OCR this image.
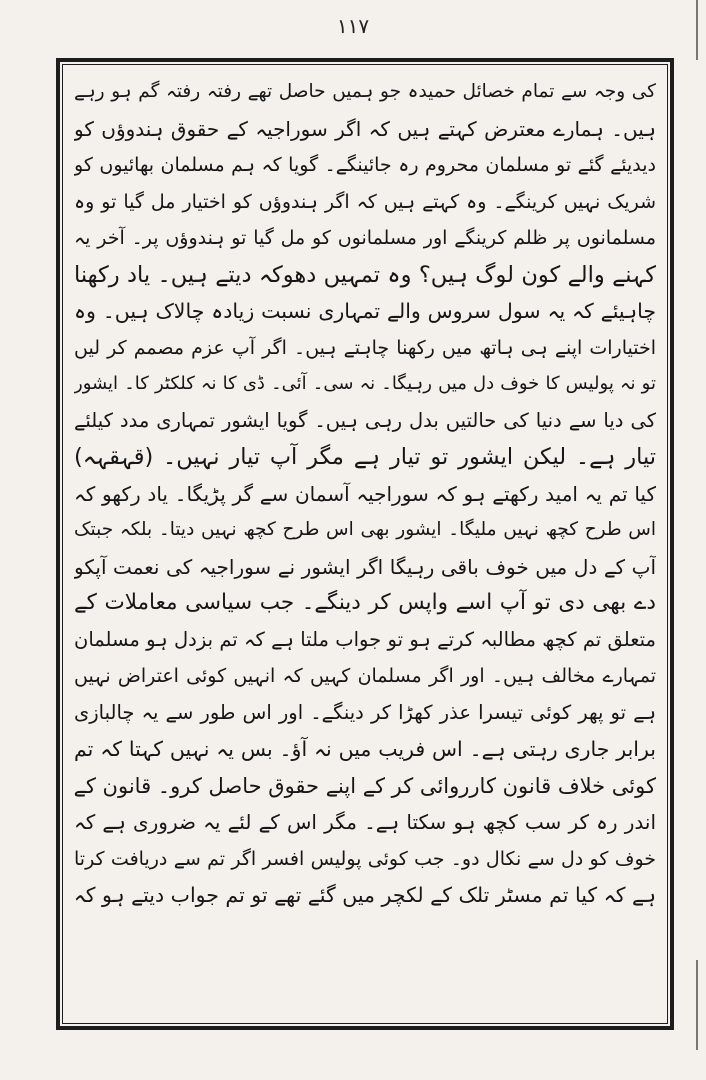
۱۱۷
کی وجہ سے تمام خصائل حمیدہ جو ہمیں حاصل تھے رفتہ رفتہ گم ہو رہے
ہیں۔ ہمارے معترض کہتے ہیں کہ اگر سوراجیہ کے حقوق ہندوؤں کو
دیدیئے گئے تو مسلمان محروم رہ جائینگے۔ گویا کہ ہم مسلمان بھائیوں کو
شریک نہیں کرینگے۔ وہ کہتے ہیں کہ اگر ہندوؤں کو اختیار مل گیا تو وہ
مسلمانوں پر ظلم کرینگے اور مسلمانوں کو مل گیا تو ہندوؤں پر۔ آخر یہ
کہنے والے کون لوگ ہیں؟ وہ تمہیں دھوکہ دیتے ہیں۔ یاد رکھنا
چاہیئے کہ یہ سول سروس والے تمہاری نسبت زیادہ چالاک ہیں۔ وہ
اختیارات اپنے ہی ہاتھ میں رکھنا چاہتے ہیں۔ اگر آپ عزم مصمم کر لیں
تو نہ پولیس کا خوف دل میں رہیگا۔ نہ سی۔ آئی۔ ڈی کا نہ کلکٹر کا۔ ایشور
کی دیا سے دنیا کی حالتیں بدل رہی ہیں۔ گویا ایشور تمہاری مدد کیلئے
تیار ہے۔ لیکن ایشور تو تیار ہے مگر آپ تیار نہیں۔ (قہقہہ)
کیا تم یہ امید رکھتے ہو کہ سوراجیہ آسمان سے گر پڑیگا۔ یاد رکھو کہ
اس طرح کچھ نہیں ملیگا۔ ایشور بھی اس طرح کچھ نہیں دیتا۔ بلکہ جبتک
آپ کے دل میں خوف باقی رہیگا اگر ایشور نے سوراجیہ کی نعمت آپکو
دے بھی دی تو آپ اسے واپس کر دینگے۔ جب سیاسی معاملات کے
متعلق تم کچھ مطالبہ کرتے ہو تو جواب ملتا ہے کہ تم بزدل ہو مسلمان
تمہارے مخالف ہیں۔ اور اگر مسلمان کہیں کہ انہیں کوئی اعتراض نہیں
ہے تو پھر کوئی تیسرا عذر کھڑا کر دینگے۔ اور اس طور سے یہ چالبازی
برابر جاری رہتی ہے۔ اس فریب میں نہ آؤ۔ بس یہ نہیں کہتا کہ تم
کوئی خلاف قانون کارروائی کر کے اپنے حقوق حاصل کرو۔ قانون کے
اندر رہ کر سب کچھ ہو سکتا ہے۔ مگر اس کے لئے یہ ضروری ہے کہ
خوف کو دل سے نکال دو۔ جب کوئی پولیس افسر اگر تم سے دریافت کرتا
ہے کہ کیا تم مسٹر تلک کے لکچر میں گئے تھے تو تم جواب دیتے ہو کہ
